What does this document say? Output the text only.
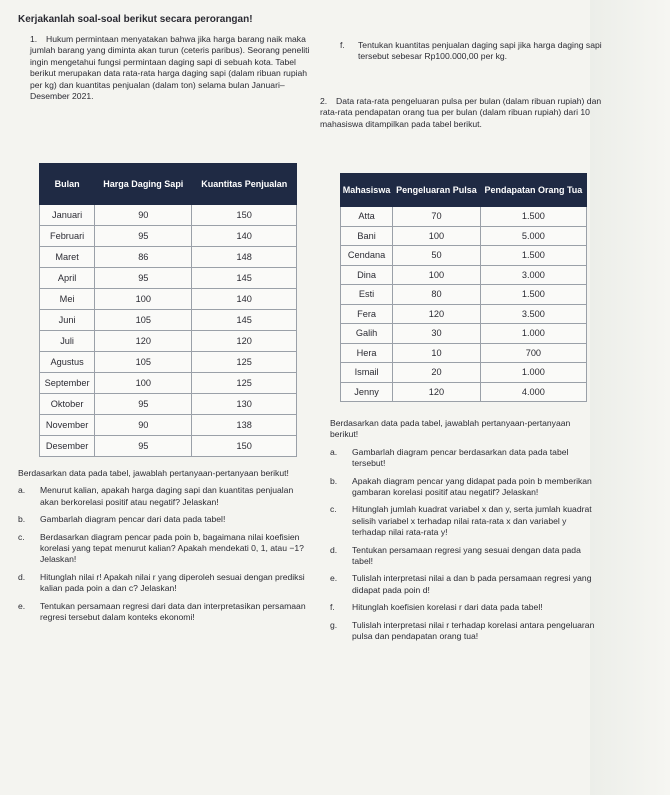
Kerjakanlah soal-soal berikut secara perorangan!

1. Hukum permintaan menyatakan bahwa jika harga barang naik maka jumlah barang yang diminta akan turun (ceteris paribus). Seorang peneliti ingin mengetahui fungsi permintaan daging sapi di sebuah kota. Tabel berikut merupakan data rata-rata harga daging sapi (dalam ribuan rupiah per kg) dan kuantitas penjualan (dalam ton) selama bulan Januari–Desember 2021.

f.	Tentukan kuantitas penjualan daging sapi jika harga daging sapi tersebut sebesar Rp100.000,00 per kg.

2. Data rata-rata pengeluaran pulsa per bulan (dalam ribuan rupiah) dan rata-rata pendapatan orang tua per bulan (dalam ribuan rupiah) dari 10 mahasiswa ditampilkan pada tabel berikut.

Bulan	Harga Daging Sapi	Kuantitas Penjualan
Januari	90	150
Februari	95	140
Maret	86	148
April	95	145
Mei	100	140
Juni	105	145
Juli	120	120
Agustus	105	125
September	100	125
Oktober	95	130
November	90	138
Desember	95	150
Mahasiswa	Pengeluaran Pulsa	Pendapatan Orang Tua
Atta	70	1.500
Bani	100	5.000
Cendana	50	1.500
Dina	100	3.000
Esti	80	1.500
Fera	120	3.500
Galih	30	1.000
Hera	10	700
Ismail	20	1.000
Jenny	120	4.000

Berdasarkan data pada tabel, jawablah pertanyaan-pertanyaan berikut!

a.	Menurut kalian, apakah harga daging sapi dan kuantitas penjualan akan berkorelasi positif atau negatif? Jelaskan!
b.	Gambarlah diagram pencar dari data pada tabel!
c.	Berdasarkan diagram pencar pada poin b, bagaimana nilai koefisien korelasi yang tepat menurut kalian? Apakah mendekati 0, 1, atau −1? Jelaskan!
d.	Hitunglah nilai r! Apakah nilai r yang diperoleh sesuai dengan prediksi kalian pada poin a dan c? Jelaskan!
e.	Tentukan persamaan regresi dari data dan interpretasikan persamaan regresi tersebut dalam konteks ekonomi!

Berdasarkan data pada tabel, jawablah pertanyaan-pertanyaan berikut!

a.	Gambarlah diagram pencar berdasarkan data pada tabel tersebut!
b.	Apakah diagram pencar yang didapat pada poin b memberikan gambaran korelasi positif atau negatif? Jelaskan!
c.	Hitunglah jumlah kuadrat variabel x dan y, serta jumlah kuadrat selisih variabel x terhadap nilai rata-rata x dan variabel y terhadap nilai rata-rata y!
d.	Tentukan persamaan regresi yang sesuai dengan data pada tabel!
e.	Tulislah interpretasi nilai a dan b pada persamaan regresi yang didapat pada poin d!
f.	Hitunglah koefisien korelasi r dari data pada tabel!
g.	Tulislah interpretasi nilai r terhadap korelasi antara pengeluaran pulsa dan pendapatan orang tua!
